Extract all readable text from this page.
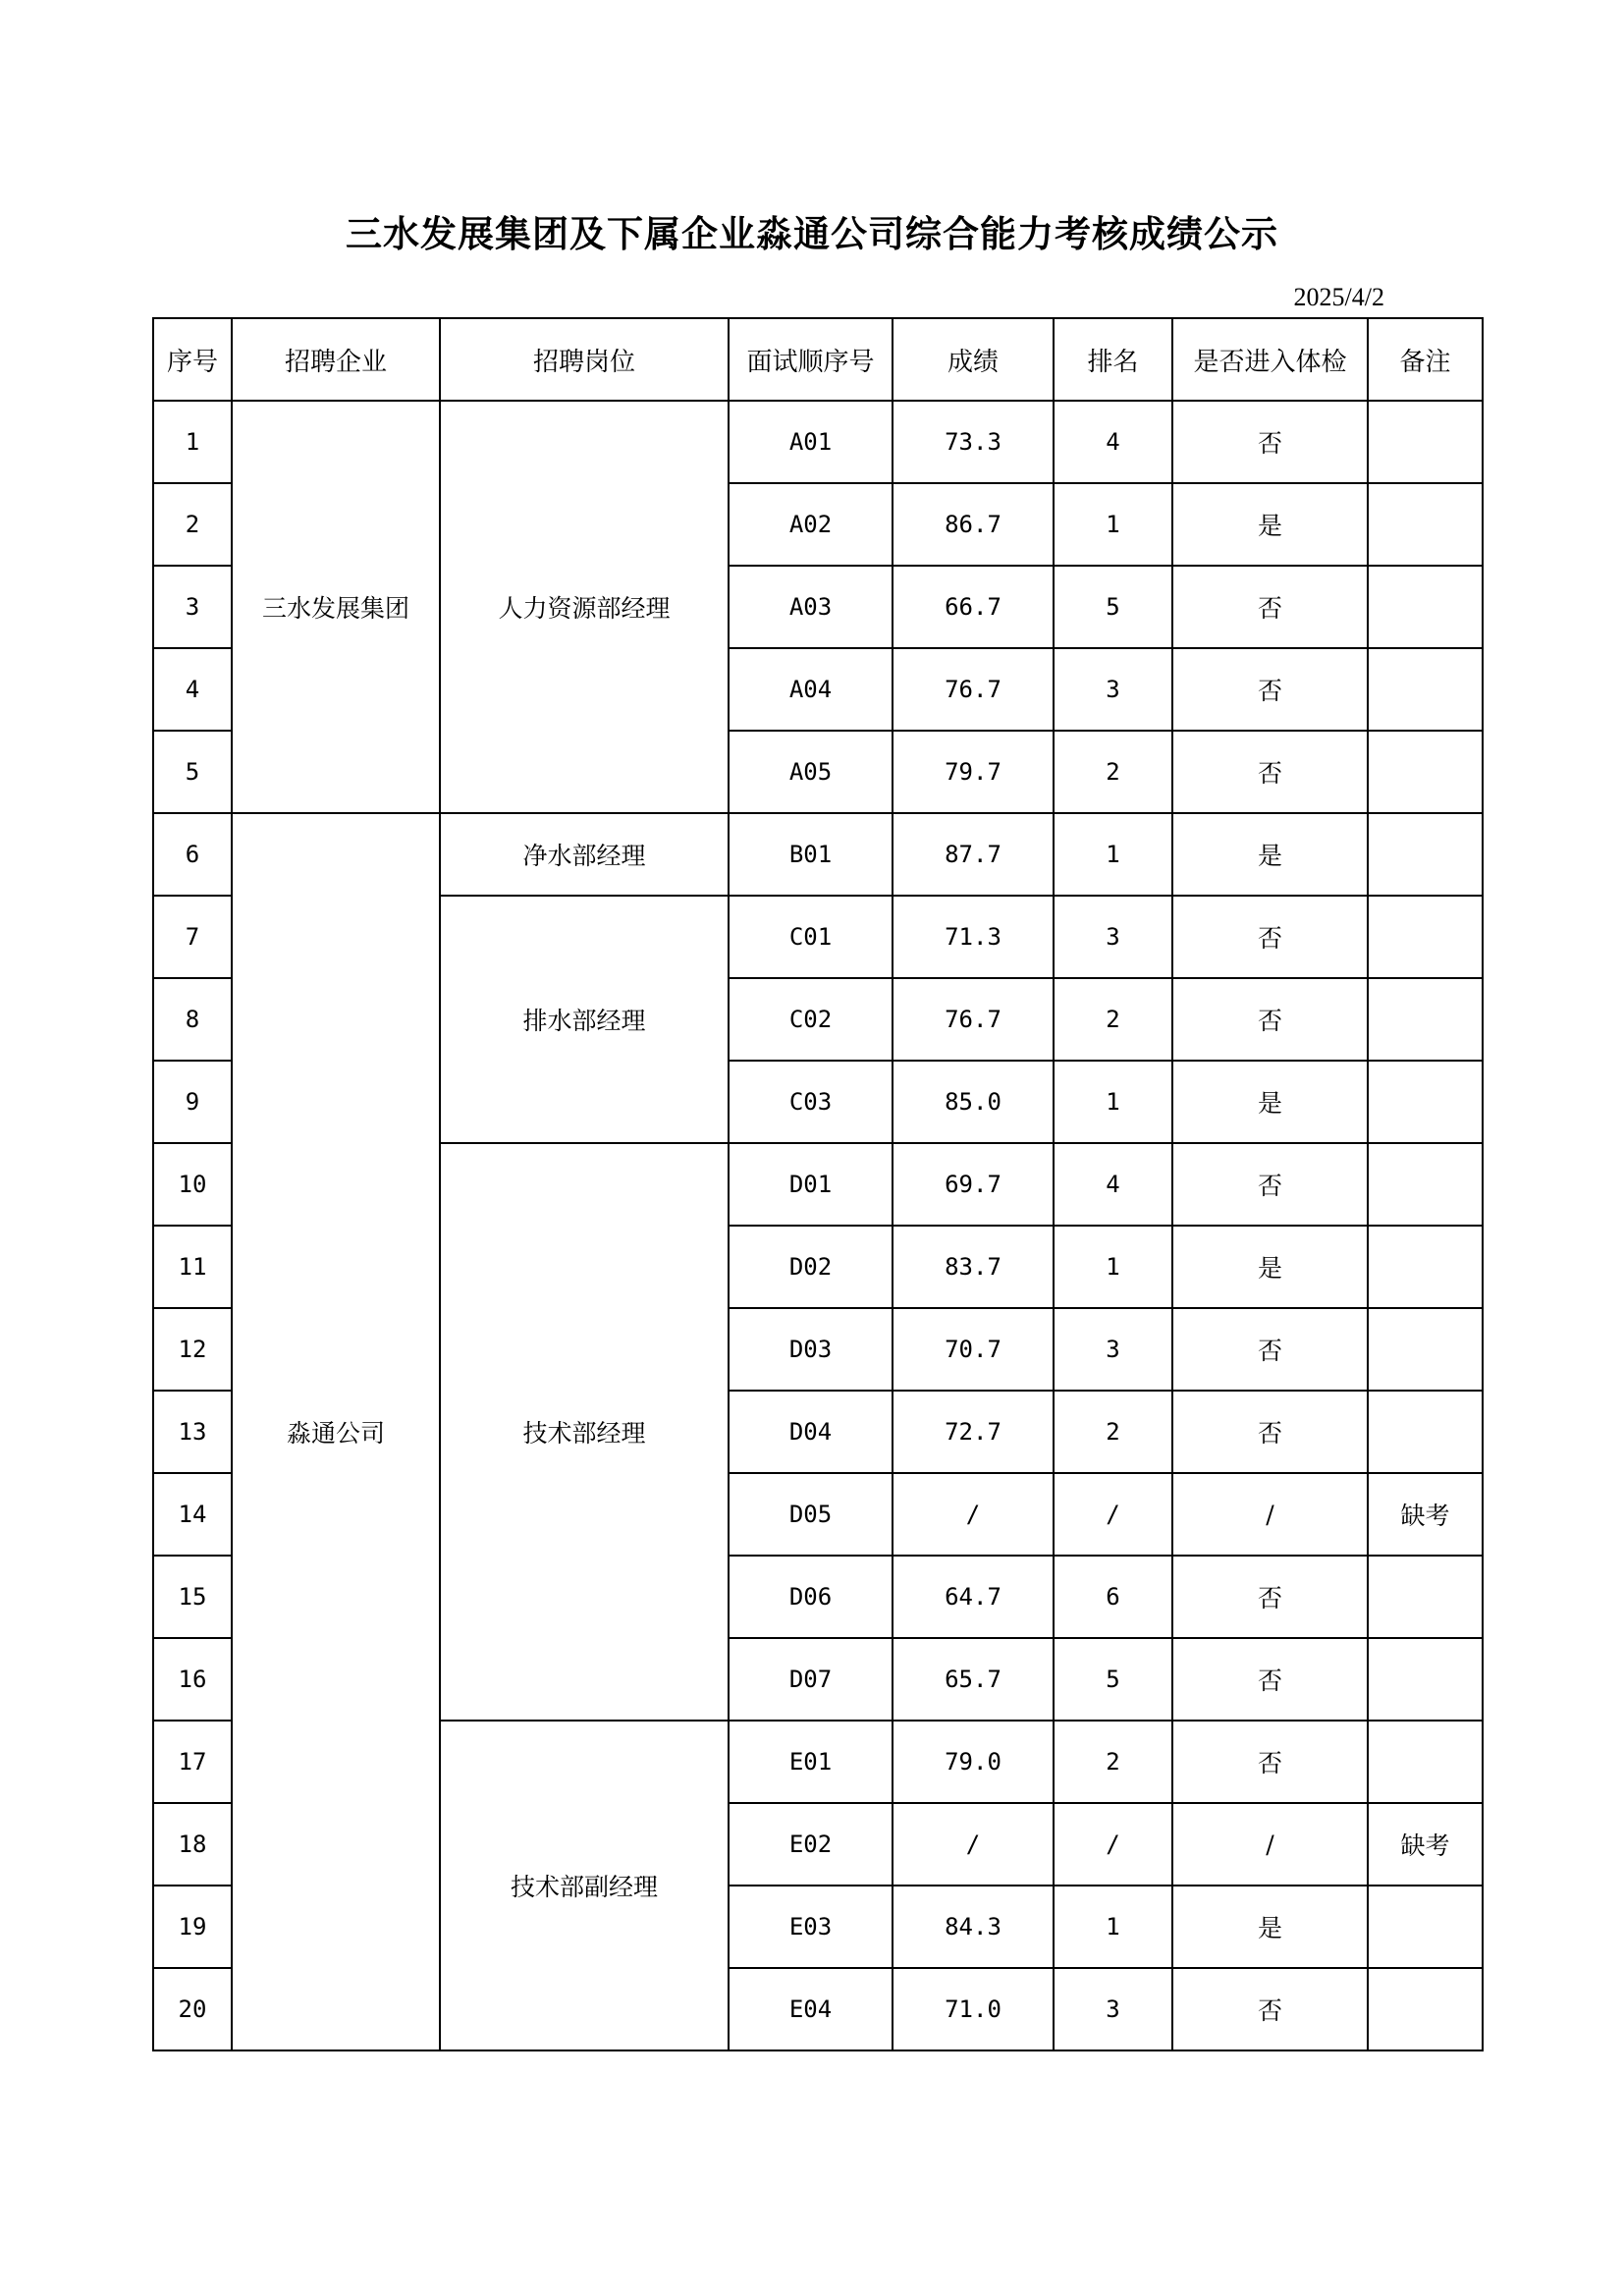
三水发展集团及下属企业淼通公司综合能力考核成绩公示
2025/4/2
序号	招聘企业	招聘岗位	面试顺序号	成绩	排名	是否进入体检	备注
1	三水发展集团	人力资源部经理	A01	73.3	4	否	
2			A02	86.7	1	是	
3			A03	66.7	5	否	
4			A04	76.7	3	否	
5			A05	79.7	2	否	
6	淼通公司	净水部经理	B01	87.7	1	是	
7		排水部经理	C01	71.3	3	否	
8			C02	76.7	2	否	
9			C03	85.0	1	是	
10		技术部经理	D01	69.7	4	否	
11			D02	83.7	1	是	
12			D03	70.7	3	否	
13			D04	72.7	2	否	
14			D05	/	/	/	缺考
15			D06	64.7	6	否	
16			D07	65.7	5	否	
17		技术部副经理	E01	79.0	2	否	
18			E02	/	/	/	缺考
19			E03	84.3	1	是	
20			E04	71.0	3	否	
